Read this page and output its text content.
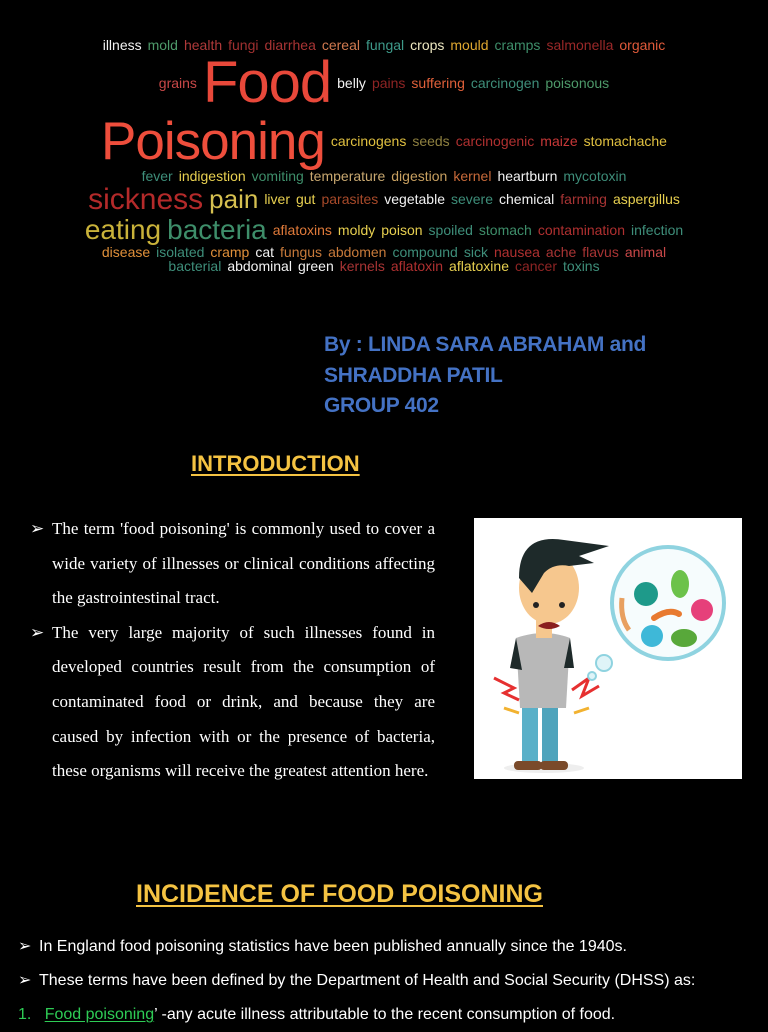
illness mold health fungi diarrhea cereal fungal crops mould cramps salmonella organic
grains Food belly pains suffering carcinogen poisonous
Poisoning carcinogens seeds carcinogenic maize stomachache
fever indigestion vomiting temperature digestion kernel heartburn mycotoxin
sickness pain liver gut parasites vegetable severe chemical farming aspergillus
eating bacteria aflatoxins moldy poison spoiled stomach contamination infection
disease isolated cramp cat fungus abdomen compound sick nausea ache flavus animal
bacterial abdominal green kernels aflatoxin aflatoxine cancer toxins
By : LINDA SARA ABRAHAM and
SHRADDHA PATIL
GROUP 402
INTRODUCTION
➢ The term 'food poisoning' is commonly used to cover a wide variety of illnesses or clinical conditions affecting the gastrointestinal tract.
➢ The very large majority of such illnesses found in developed countries result from the consumption of contaminated food or drink, and because they are caused by infection with or the presence of bacteria, these organisms will receive the greatest attention here.
INCIDENCE OF FOOD POISONING
➢ In England food poisoning statistics have been published annually since the 1940s.
➢ These terms have been defined by the Department of Health and Social Security (DHSS) as:
1. Food poisoning’ -any acute illness attributable to the recent consumption of food.
